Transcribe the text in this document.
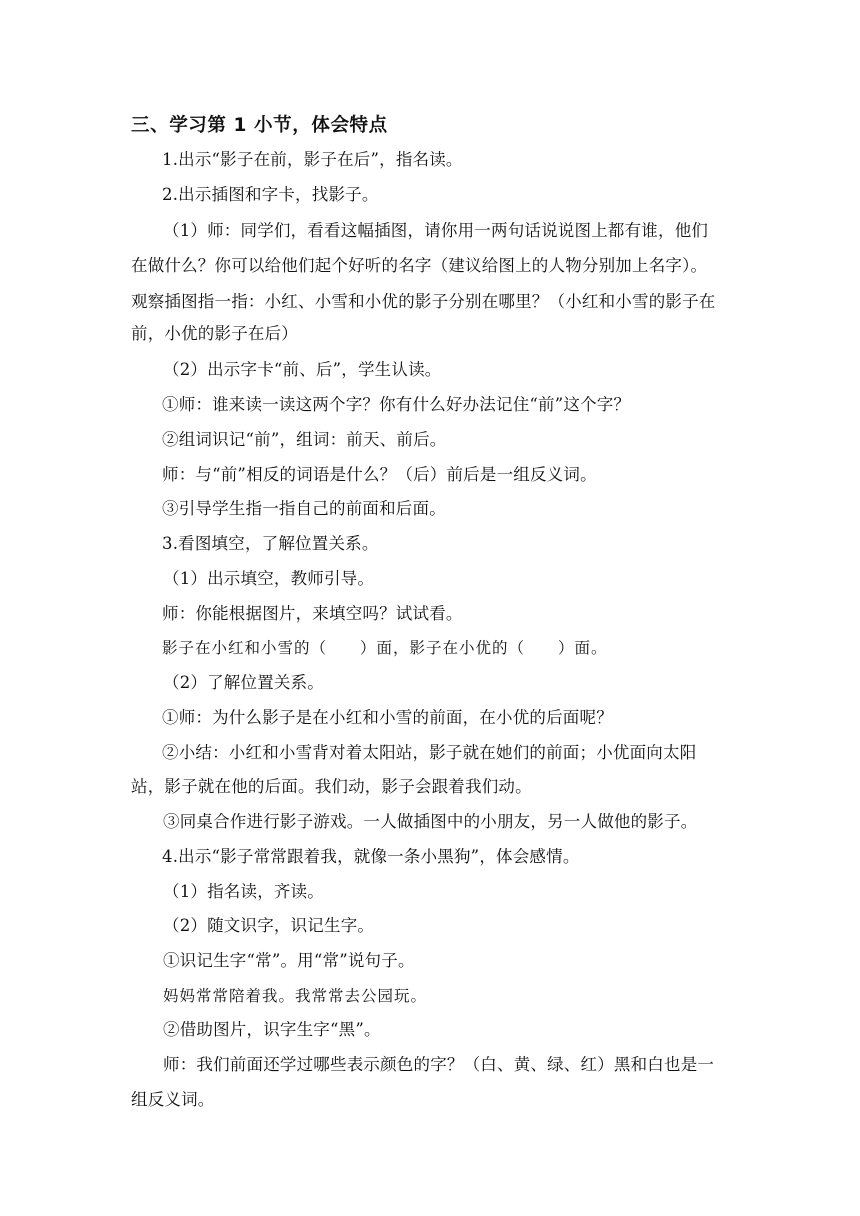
三、学习第 1 小节，体会特点
1.出示“影子在前，影子在后”，指名读。
2.出示插图和字卡，找影子。
（1）师：同学们，看看这幅插图，请你用一两句话说说图上都有谁，他们
在做什么？你可以给他们起个好听的名字（建议给图上的人物分别加上名字）。
观察插图指一指：小红、小雪和小优的影子分别在哪里？（小红和小雪的影子在
前，小优的影子在后）
（2）出示字卡“前、后”，学生认读。
①师：谁来读一读这两个字？你有什么好办法记住“前”这个字？
②组词识记“前”，组词：前天、前后。
师：与“前”相反的词语是什么？（后）前后是一组反义词。
③引导学生指一指自己的前面和后面。
3.看图填空，了解位置关系。
（1）出示填空，教师引导。
师：你能根据图片，来填空吗？试试看。
影子在小红和小雪的（　　）面，影子在小优的（　　）面。
（2）了解位置关系。
①师：为什么影子是在小红和小雪的前面，在小优的后面呢？
②小结：小红和小雪背对着太阳站，影子就在她们的前面；小优面向太阳
站，影子就在他的后面。我们动，影子会跟着我们动。
③同桌合作进行影子游戏。一人做插图中的小朋友，另一人做他的影子。
4.出示“影子常常跟着我，就像一条小黑狗”，体会感情。
（1）指名读，齐读。
（2）随文识字，识记生字。
①识记生字“常”。用“常”说句子。
妈妈常常陪着我。我常常去公园玩。
②借助图片，识字生字“黑”。
师：我们前面还学过哪些表示颜色的字？（白、黄、绿、红）黑和白也是一
组反义词。
